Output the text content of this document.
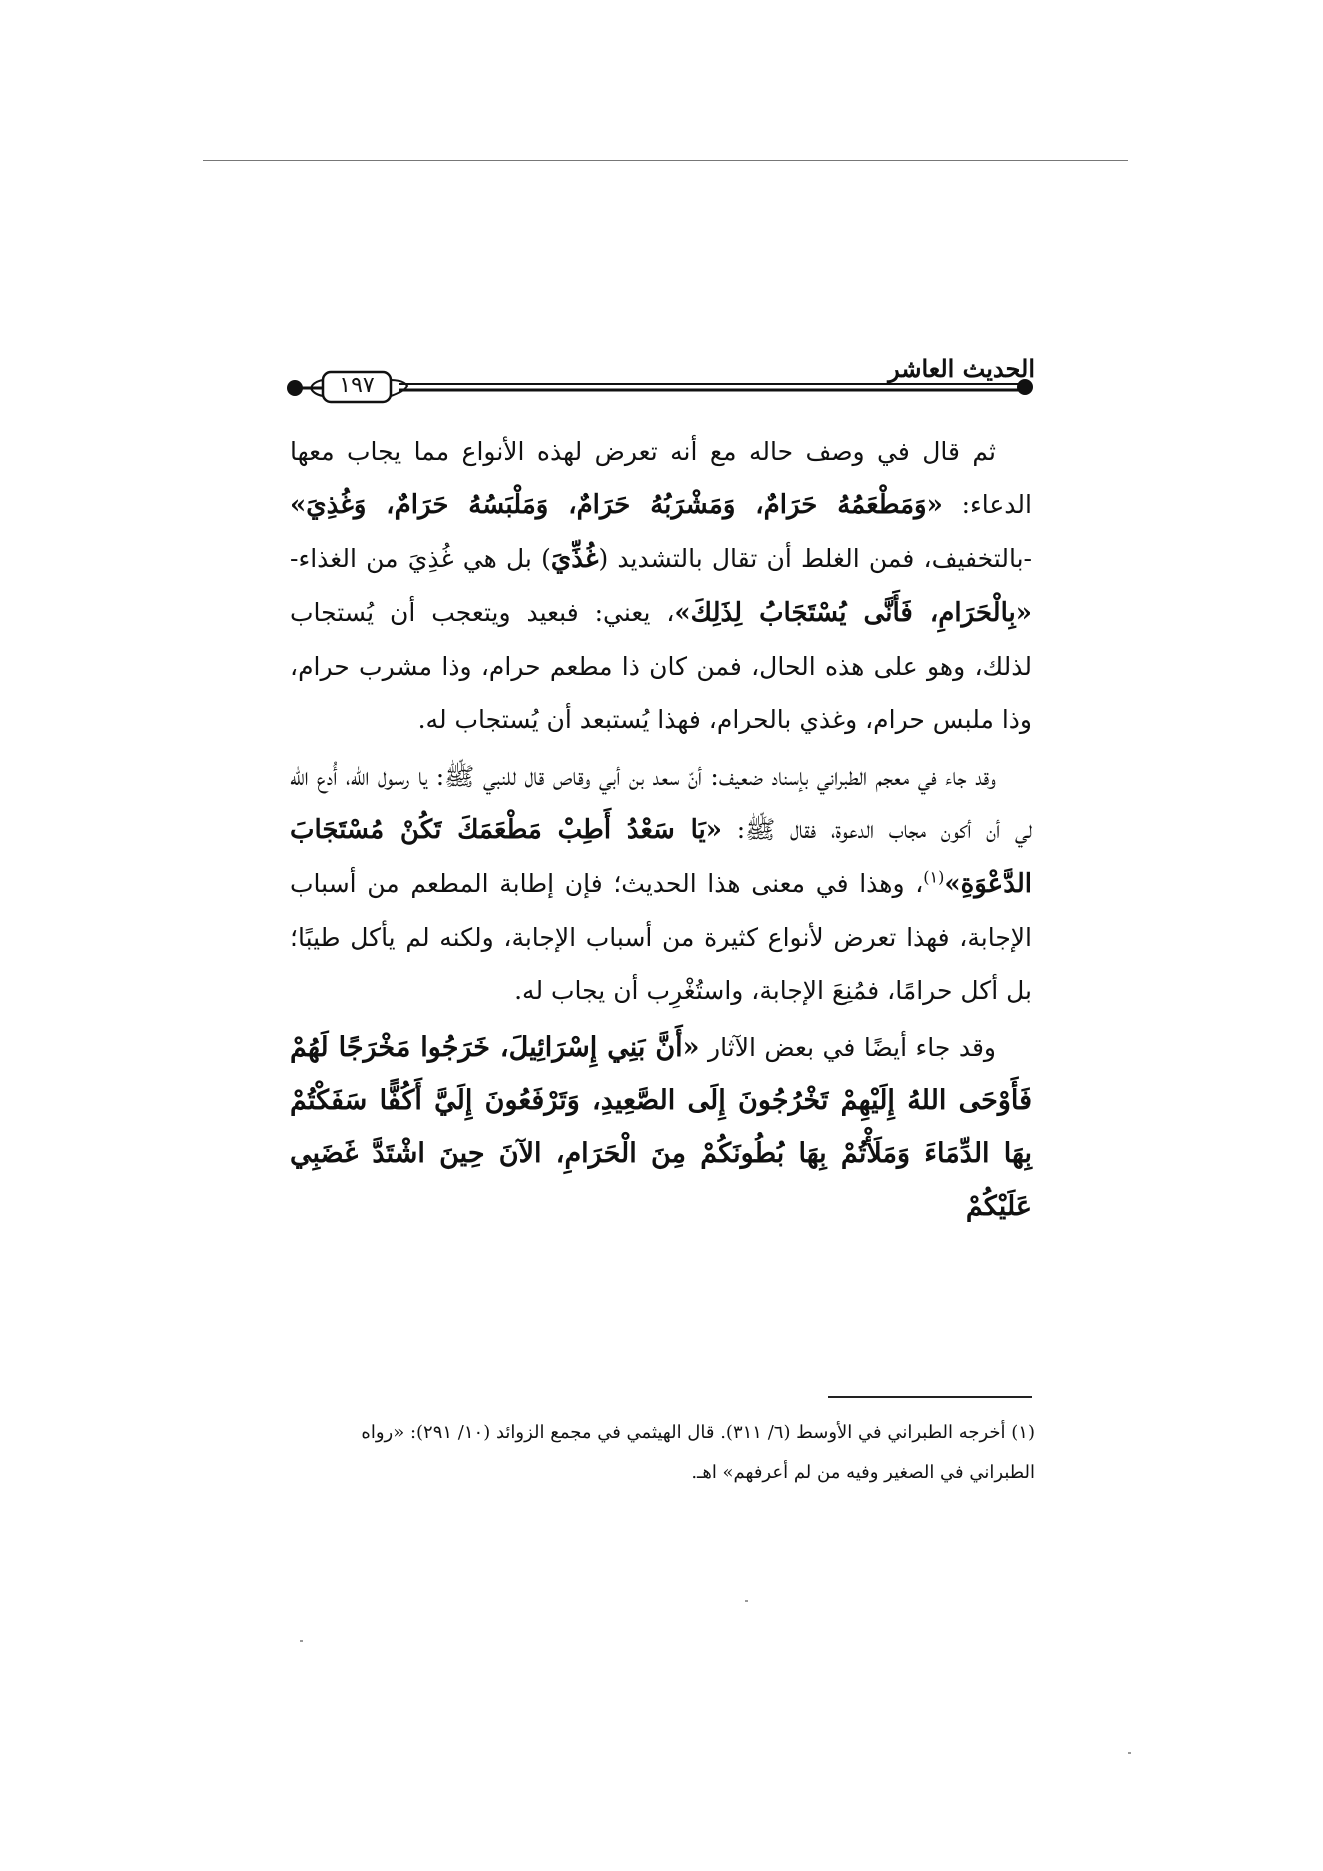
١٩٧
الحديث العاشر

ثم قال في وصف حاله مع أنه تعرض لهذه الأنواع مما يجاب معها الدعاء: «وَمَطْعَمُهُ حَرَامٌ، وَمَشْرَبُهُ حَرَامٌ، وَمَلْبَسُهُ حَرَامٌ، وَغُذِيَ» -بالتخفيف، فمن الغلط أن تقال بالتشديد (غُذِّيَ) بل هي غُذِيَ من الغذاء- «بِالْحَرَامِ، فَأَنَّى يُسْتَجَابُ لِذَلِكَ»، يعني: فبعيد ويتعجب أن يُستجاب لذلك، وهو على هذه الحال، فمن كان ذا مطعم حرام، وذا مشرب حرام، وذا ملبس حرام، وغذي بالحرام، فهذا يُستبعد أن يُستجاب له.

وقد جاء في معجم الطبراني بإسناد ضعيف: أنّ سعد بن أبي وقاص قال للنبي ﷺ: يا رسول الله، أُدع الله لي أن أكون مجاب الدعوة، فقال ﷺ: «يَا سَعْدُ أَطِبْ مَطْعَمَكَ تَكُنْ مُسْتَجَابَ الدَّعْوَةِ»$^{(١)}$، وهذا في معنى هذا الحديث؛ فإن إطابة المطعم من أسباب الإجابة، فهذا تعرض لأنواع كثيرة من أسباب الإجابة، ولكنه لم يأكل طيبًا؛ بل أكل حرامًا، فمُنِعَ الإجابة، واستُغْرِب أن يجاب له.

وقد جاء أيضًا في بعض الآثار «أَنَّ بَنِي إِسْرَائِيلَ، خَرَجُوا مَخْرَجًا لَهُمْ فَأَوْحَى اللهُ إِلَيْهِمْ تَخْرُجُونَ إِلَى الصَّعِيدِ، وَتَرْفَعُونَ إِلَيَّ أَكُفًّا سَفَكْتُمْ بِهَا الدِّمَاءَ وَمَلَأْتُمْ بِهَا بُطُونَكُمْ مِنَ الْحَرَامِ، الآنَ حِينَ اشْتَدَّ غَضَبِي عَلَيْكُمْ

(١) أخرجه الطبراني في الأوسط (٦/ ٣١١). قال الهيثمي في مجمع الزوائد (١٠/ ٢٩١): «رواه

الطبراني في الصغير وفيه من لم أعرفهم» اهـ.
